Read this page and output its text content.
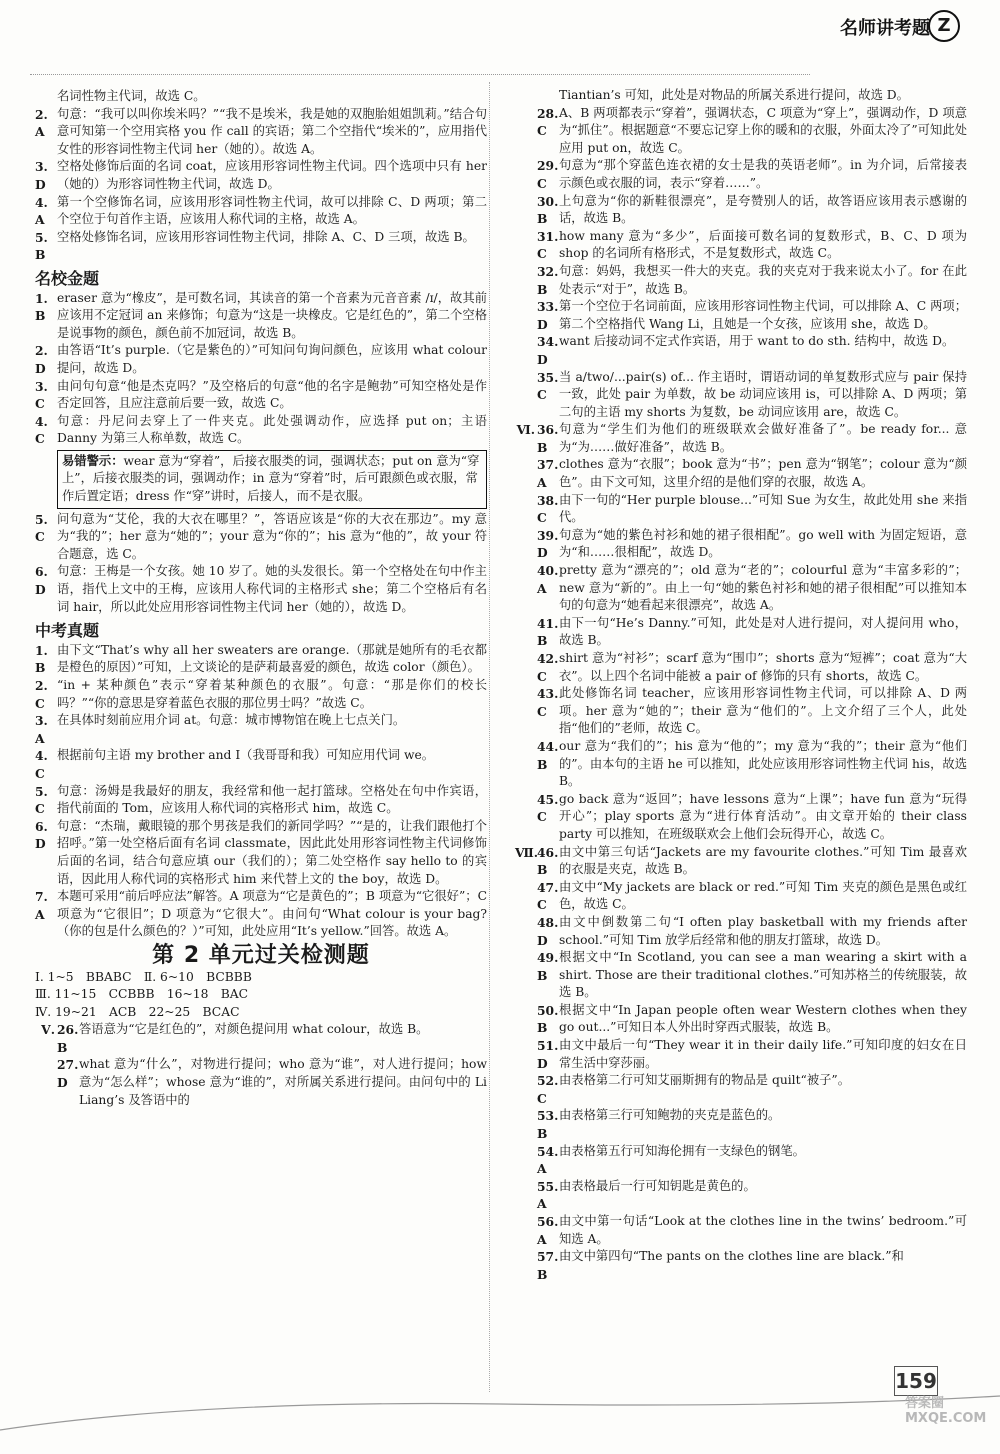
名师讲考题 Z
名词性物主代词，故选 C。
2. A
句意：“我可以叫你埃米吗？”“我不是埃米，我是她的双胞胎姐姐凯莉。”结合句意可知第一个空用宾格 you 作 call 的宾语；第二个空指代“埃米的”，应用指代女性的形容词性物主代词 her（她的）。故选 A。
3. D
空格处修饰后面的名词 coat，应该用形容词性物主代词。四个选项中只有 her（她的）为形容词性物主代词，故选 D。
4. A
第一个空修饰名词，应该用形容词性物主代词，故可以排除 C、D 两项；第二个空位于句首作主语，应该用人称代词的主格，故选 A。
5. B
空格处修饰名词，应该用形容词性物主代词，排除 A、C、D 三项，故选 B。
名校金题
1. B
eraser 意为“橡皮”，是可数名词，其读音的第一个音素为元音音素 /ɪ/，故其前应该用不定冠词 an 来修饰；句意为“这是一块橡皮。它是红色的”，第二个空格是说事物的颜色，颜色前不加冠词，故选 B。
2. D
由答语“It’s purple.（它是紫色的）”可知问句询问颜色，应该用 what colour 提问，故选 D。
3. C
由问句句意“他是杰克吗？”及空格后的句意“他的名字是鲍勃”可知空格处是作否定回答，且应注意前后要一致，故选 C。
4. C
句意：丹尼问去穿上了一件夹克。此处强调动作，应选择 put on；主语 Danny 为第三人称单数，故选 C。
易错警示：wear 意为“穿着”，后接衣服类的词，强调状态；put on 意为“穿上”，后接衣服类的词，强调动作；in 意为“穿着”时，后可跟颜色或衣服，常作后置定语；dress 作“穿”讲时，后接人，而不是衣服。
5. C
问句意为“艾伦，我的大衣在哪里？”，答语应该是“你的大衣在那边”。my 意为“我的”；her 意为“她的”；your 意为“你的”；his 意为“他的”，故 your 符合题意，选 C。
6. D
句意：王梅是一个女孩。她 10 岁了。她的头发很长。第一个空格处在句中作主语，指代上文中的王梅，应该用人称代词的主格形式 she；第二个空格后有名词 hair，所以此处应用形容词性物主代词 her（她的），故选 D。
中考真题
1. B
由下文“That’s why all her sweaters are orange.（那就是她所有的毛衣都是橙色的原因）”可知，上文谈论的是萨莉最喜爱的颜色，故选 color（颜色）。
2. C
“in + 某种颜色”表示“穿着某种颜色的衣服”。句意：“那是你们的校长吗？”“你的意思是穿着蓝色衣服的那位男士吗？”故选 C。
3. A
在具体时刻前应用介词 at。句意：城市博物馆在晚上七点关门。
4. C
根据前句主语 my brother and I（我哥哥和我）可知应用代词 we。
5. C
句意：汤姆是我最好的朋友，我经常和他一起打篮球。空格处在句中作宾语，指代前面的 Tom，应该用人称代词的宾格形式 him，故选 C。
6. D
句意：“杰瑞，戴眼镜的那个男孩是我们的新同学吗？”“是的，让我们跟他打个招呼。”第一处空格后面有名词 classmate，因此此处用形容词性物主代词修饰后面的名词，结合句意应填 our（我们的）；第二处空格作 say hello to 的宾语，因此用人称代词的宾格形式 him 来代替上文的 the boy，故选 D。
7. A
本题可采用“前后呼应法”解答。A 项意为“它是黄色的”；B 项意为“它很好”；C 项意为“它很旧”；D 项意为“它很大”。由问句“What colour is your bag?（你的包是什么颜色的？）”可知，此处应用“It’s yellow.”回答。故选 A。
第 2 单元过关检测题
Ⅰ. 1~5　BBABC　Ⅱ. 6~10　BCBBB
Ⅲ. 11~15　CCBBB　16~18　BAC
Ⅳ. 19~21　ACB　22~25　BCAC
Ⅴ. 26. B
答语意为“它是红色的”，对颜色提问用 what colour，故选 B。
27. D
what 意为“什么”，对物进行提问；who 意为“谁”，对人进行提问；how 意为“怎么样”；whose 意为“谁的”，对所属关系进行提问。由问句中的 Li Liang’s 及答语中的
Tiantian’s 可知，此处是对物品的所属关系进行提问，故选 D。
28. C
A、B 两项都表示“穿着”，强调状态，C 项意为“穿上”，强调动作，D 项意为“抓住”。根据题意“不要忘记穿上你的暖和的衣服，外面太冷了”可知此处应用 put on，故选 C。
29. C
句意为“那个穿蓝色连衣裙的女士是我的英语老师”。in 为介词，后常接表示颜色或衣服的词，表示“穿着……”。
30. B
上句意为“你的新鞋很漂亮”，是夸赞别人的话，故答语应该用表示感谢的话，故选 B。
31. C
how many 意为“多少”，后面接可数名词的复数形式，B、C、D 项为 shop 的名词所有格形式，不是复数形式，故选 C。
32. B
句意：妈妈，我想买一件大的夹克。我的夹克对于我来说太小了。for 在此处表示“对于”，故选 B。
33. D
第一个空位于名词前面，应该用形容词性物主代词，可以排除 A、C 两项；第二个空格指代 Wang Li，且她是一个女孩，应该用 she，故选 D。
34. D
want 后接动词不定式作宾语，用于 want to do sth. 结构中，故选 D。
35. C
当 a/two/...pair(s) of... 作主语时，谓语动词的单复数形式应与 pair 保持一致，此处 pair 为单数，故 be 动词应该用 is，可以排除 A、D 两项；第二句的主语 my shorts 为复数，be 动词应该用 are，故选 C。
Ⅵ. 36. B
句意为“学生们为他们的班级联欢会做好准备了”。be ready for... 意为“为……做好准备”，故选 B。
37. A
clothes 意为“衣服”；book 意为“书”；pen 意为“钢笔”；colour 意为“颜色”。由下文可知，这里介绍的是他们穿的衣服，故选 A。
38. C
由下一句的“Her purple blouse...”可知 Sue 为女生，故此处用 she 来指代。
39. D
句意为“她的紫色衬衫和她的裙子很相配”。go well with 为固定短语，意为“和……很相配”，故选 D。
40. A
pretty 意为“漂亮的”；old 意为“老的”；colourful 意为“丰富多彩的”；new 意为“新的”。由上一句“她的紫色衬衫和她的裙子很相配”可以推知本句的句意为“她看起来很漂亮”，故选 A。
41. B
由下一句“He’s Danny.”可知，此处是对人进行提问，对人提问用 who，故选 B。
42. C
shirt 意为“衬衫”；scarf 意为“围巾”；shorts 意为“短裤”；coat 意为“大衣”。以上四个名词中能被 a pair of 修饰的只有 shorts，故选 C。
43. C
此处修饰名词 teacher，应该用形容词性物主代词，可以排除 A、D 两项。her 意为“她的”；their 意为“他们的”。上文介绍了三个人，此处指“他们的”老师，故选 C。
44. B
our 意为“我们的”；his 意为“他的”；my 意为“我的”；their 意为“他们的”。由本句的主语 he 可以推知，此处应该用形容词性物主代词 his，故选 B。
45. C
go back 意为“返回”；have lessons 意为“上课”；have fun 意为“玩得开心”；play sports 意为“进行体育活动”。由文章开始的 their class party 可以推知，在班级联欢会上他们会玩得开心，故选 C。
Ⅶ.
46. B
由文中第三句话“Jackets are my favourite clothes.”可知 Tim 最喜欢的衣服是夹克，故选 B。
47. C
由文中“My jackets are black or red.”可知 Tim 夹克的颜色是黑色或红色，故选 C。
48. D
由文中倒数第二句“I often play basketball with my friends after school.”可知 Tim 放学后经常和他的朋友打篮球，故选 D。
49. B
根据文中“In Scotland, you can see a man wearing a skirt with a shirt. Those are their traditional clothes.”可知苏格兰的传统服装，故选 B。
50. B
根据文中“In Japan people often wear Western clothes when they go out...”可知日本人外出时穿西式服装，故选 B。
51. D
由文中最后一句“They wear it in their daily life.”可知印度的妇女在日常生活中穿莎丽。
52. C
由表格第二行可知艾丽斯拥有的物品是 quilt“被子”。
53. B
由表格第三行可知鲍勃的夹克是蓝色的。
54. A
由表格第五行可知海伦拥有一支绿色的钢笔。
55. A
由表格最后一行可知钥匙是黄色的。
56. A
由文中第一句话“Look at the clothes line in the twins’ bedroom.”可知选 A。
57. B
由文中第四句“The pants on the clothes line are black.”和
159
答案圈 MXQE.COM
